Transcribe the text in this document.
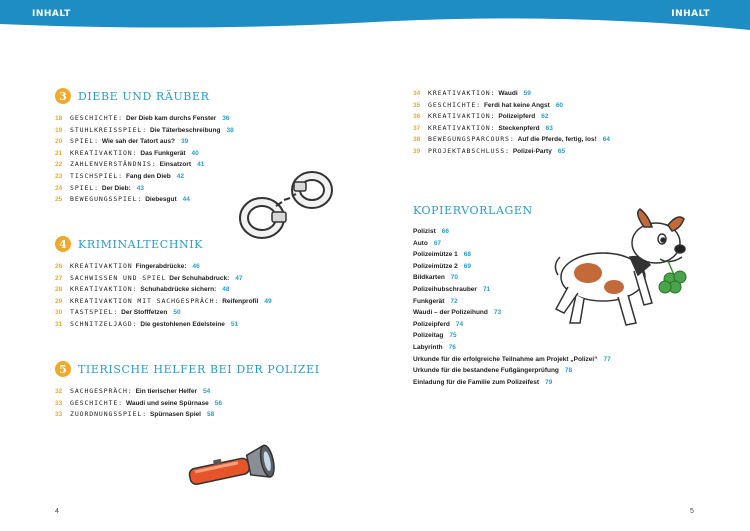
INHALT	INHALT
3	DIEBE UND RÄUBER
18	GESCHICHTE: Der Dieb kam durchs Fenster 36
19	STUHLKREISSPIEL: Die Täterbeschreibung 38
20	SPIEL: Wie sah der Tatort aus? 39
21	KREATIVAKTION: Das Funkgerät 40
22	ZAHLENVERSTÄNDNIS: Einsatzort 41
23	TISCHSPIEL: Fang den Dieb 42
24	SPIEL: Der Dieb: 43
25	BEWEGUNGSSPIEL: Diebesgut 44
4	KRIMINALTECHNIK
26	KREATIVAKTION Fingerabdrücke: 46
27	SACHWISSEN UND SPIEL Der Schuhabdruck: 47
28	KREATIVAKTION: Schuhabdrücke sichern: 48
29	KREATIVAKTION MIT SACHGESPRÄCH: Reifenprofil 49
30	TASTSPIEL: Der Stofffetzen 50
31	SCHNITZELJAGD: Die gestohlenen Edelsteine 51
5	TIERISCHE HELFER BEI DER POLIZEI
32	SACHGESPRÄCH: Ein tierischer Helfer 54
33	GESCHICHTE: Waudi und seine Spürnase 56
33	ZUORDNUNGSSPIEL: Spürnasen Spiel 58
34	KREATIVAKTION: Waudi 59
35	GESCHICHTE: Ferdi hat keine Angst 60
36	KREATIVAKTION: Polizeipferd 62
37	KREATIVAKTION: Steckenpferd 63
38	BEWEGUNGSPARCOURS: Auf die Pferde, fertig, los! 64
39	PROJEKTABSCHLUSS: Polizei-Party 65
KOPIERVORLAGEN
Polizist 66
Auto 67
Polizeimütze 1 68
Polizeimütze 2 69
Bildkarten 70
Polizeihubschrauber 71
Funkgerät 72
Waudi – der Polizeihund 73
Polizeipferd 74
Polizeitag 75
Labyrinth 76
Urkunde für die erfolgreiche Teilnahme am Projekt „Polizei“ 77
Urkunde für die bestandene Fußgängerprüfung 78
Einladung für die Familie zum Polizeifest 79
4	5
